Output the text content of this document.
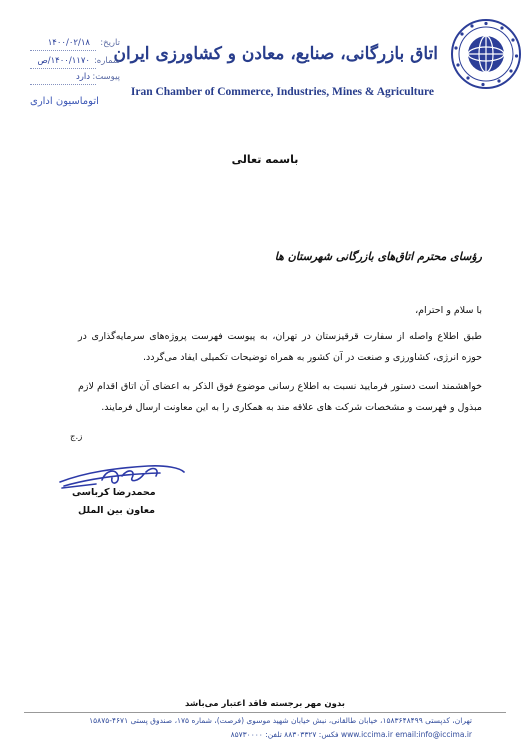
اتاق بازرگانی، صنایع، معادن و کشاورزی ایران
Iran Chamber of Commerce, Industries, Mines & Agriculture
تاریخ:
۱۴۰۰/۰۲/۱۸
شماره:
۱۴۰۰/۱۱۷۰/ص
پیوست:
دارد
اتوماسیون اداری
باسمه تعالی
رؤسای محترم اتاق‌های بازرگانی شهرستان ها
با سلام و احترام،
طبق اطلاع واصله از سفارت قرقیزستان در تهران، به پیوست فهرست پروژه‌های سرمایه‌گذاری در حوزه انرژی، کشاورزی و صنعت در آن کشور به همراه توضیحات تکمیلی ایفاد می‌گردد.
خواهشمند است دستور فرمایید نسبت به اطلاع رسانی موضوع فوق الذکر به اعضای آن اتاق اقدام لازم مبذول و فهرست و مشخصات شرکت های علاقه مند به همکاری را به این معاونت ارسال فرمایند.
ز.ج
محمدرضا کرباسی
معاون بین الملل
بدون مهر برجسته فاقد اعتبار می‌باشد
تهران، کدپستی ۱۵۸۳۶۴۸۴۹۹، خیابان طالقانی، نبش خیابان شهید موسوی (فرصت)، شماره ۱۷۵، صندوق پستی ۴۶۷۱-۱۵۸۷۵
www.iccima.ir email:info@iccima.ir فکس: ۸۸۳۰۳۳۲۷ تلفن: ۸۵۷۳۰۰۰۰
